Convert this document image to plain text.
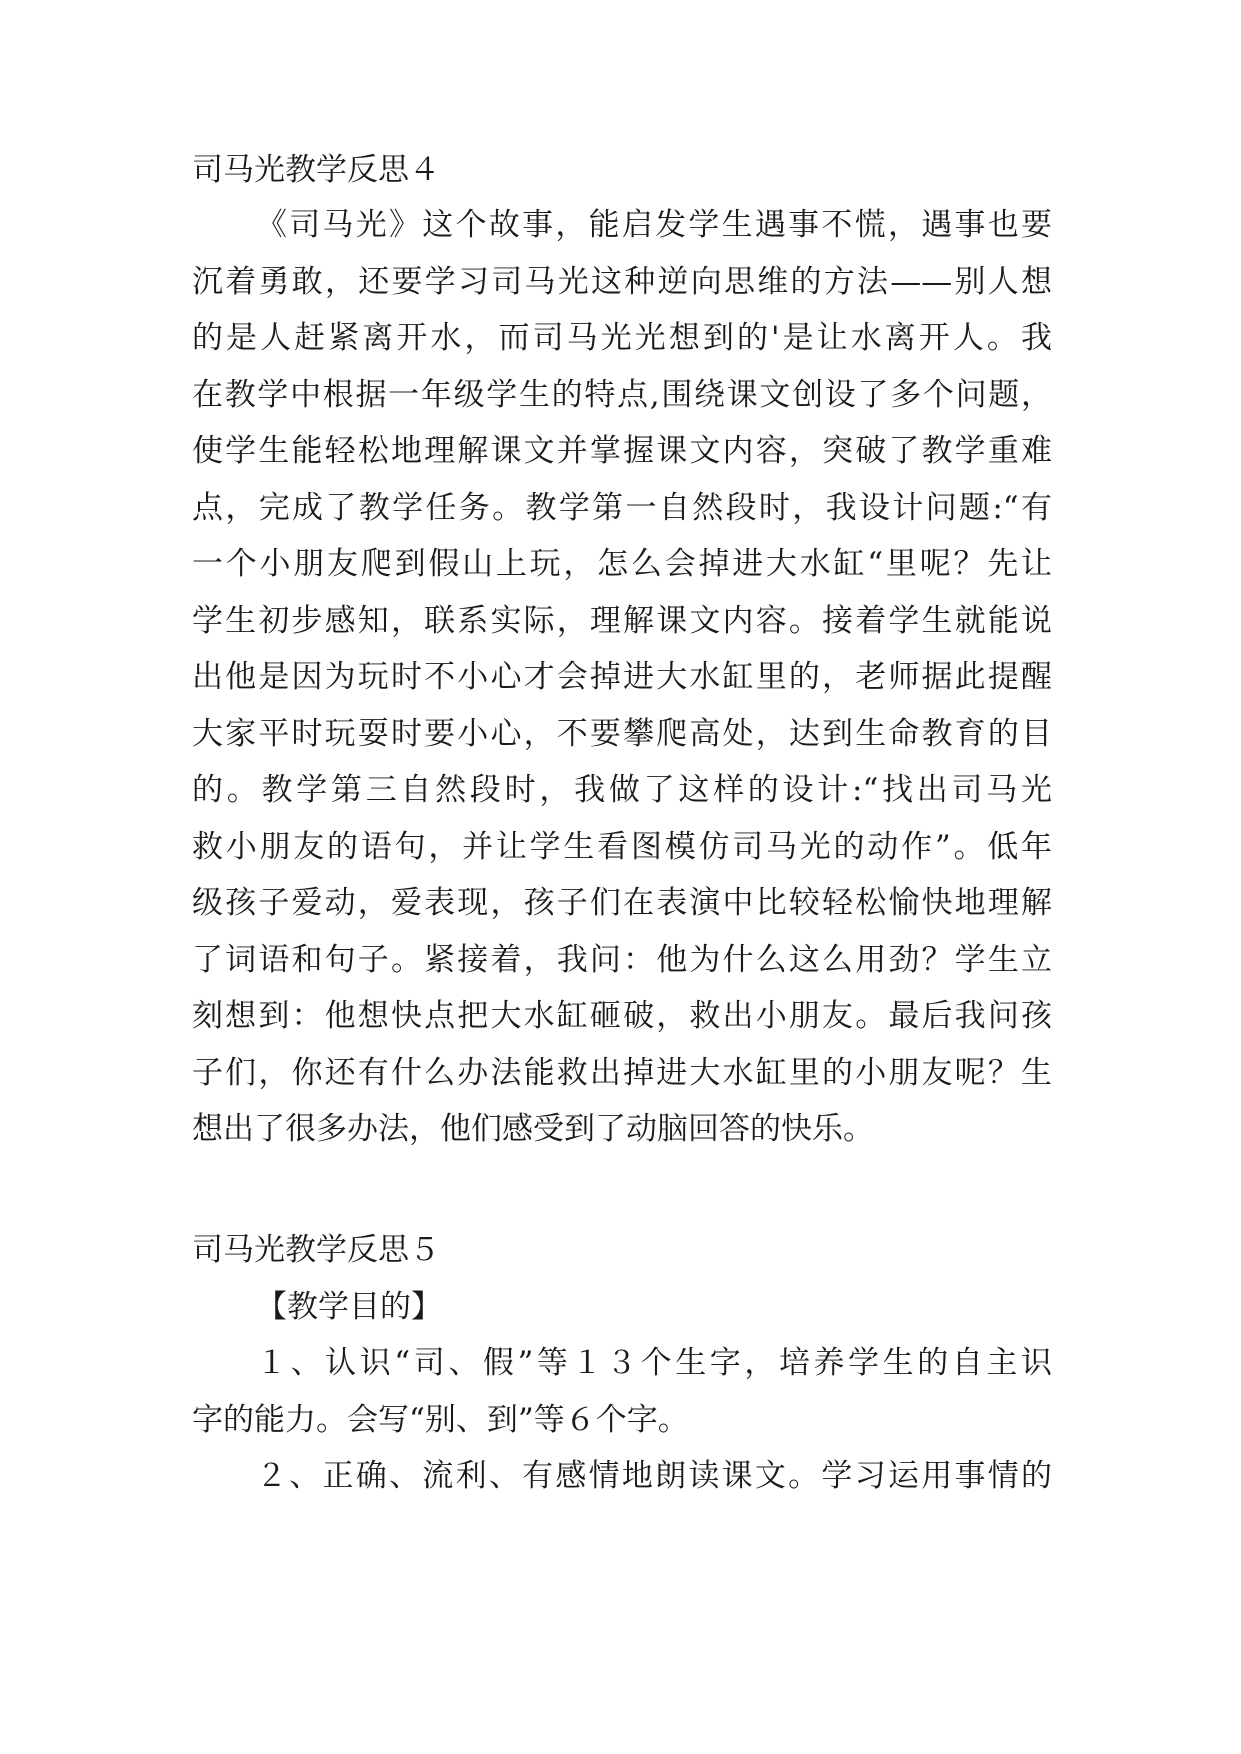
司马光教学反思４
《司马光》这个故事，能启发学生遇事不慌，遇事也要
沉着勇敢，还要学习司马光这种逆向思维的方法——别人想
的是人赶紧离开水，而司马光光想到的'是让水离开人。我
在教学中根据一年级学生的特点,围绕课文创设了多个问题，
使学生能轻松地理解课文并掌握课文内容，突破了教学重难
点，完成了教学任务。教学第一自然段时，我设计问题:“有
一个小朋友爬到假山上玩，怎么会掉进大水缸“里呢？先让
学生初步感知，联系实际，理解课文内容。接着学生就能说
出他是因为玩时不小心才会掉进大水缸里的，老师据此提醒
大家平时玩耍时要小心，不要攀爬高处，达到生命教育的目
的。教学第三自然段时，我做了这样的设计:“找出司马光
救小朋友的语句，并让学生看图模仿司马光的动作”。低年
级孩子爱动，爱表现，孩子们在表演中比较轻松愉快地理解
了词语和句子。紧接着，我问：他为什么这么用劲？学生立
刻想到：他想快点把大水缸砸破，救出小朋友。最后我问孩
子们，你还有什么办法能救出掉进大水缸里的小朋友呢？生
想出了很多办法，他们感受到了动脑回答的快乐。
司马光教学反思５
【教学目的】
１、认识“司、假”等１３个生字，培养学生的自主识
字的能力。会写“别、到”等６个字。
２、正确、流利、有感情地朗读课文。学习运用事情的
